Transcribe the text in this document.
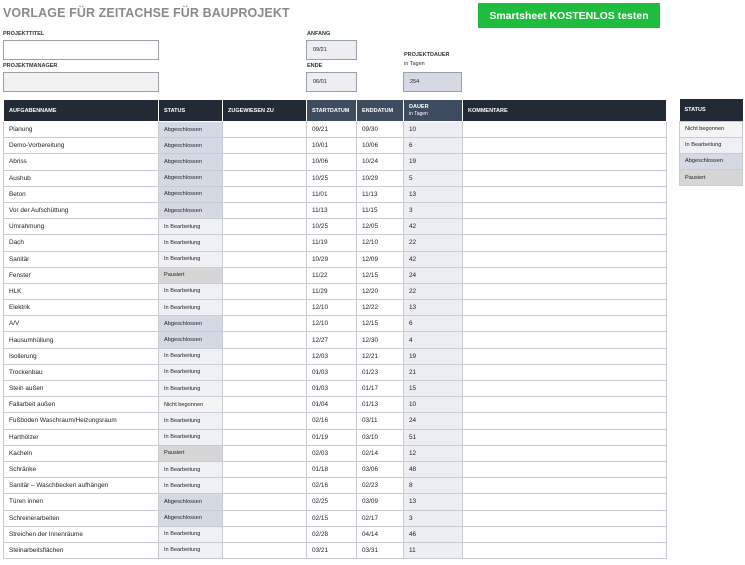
VORLAGE FÜR ZEITACHSE FÜR BAUPROJEKT	Smartsheet KOSTENLOS testen
PROJEKTTITEL
PROJEKTMANAGER
ANFANG
09/21
ENDE
06/01
PROJEKTDAUER
in Tagen
254
AUFGABENNAME	STATUS	ZUGEWIESEN ZU	STARTDATUM	ENDDATUM	DAUER
in Tagen	KOMMENTARE
Planung	Abgeschlossen		09/21	09/30	10	
Demo-Vorbereitung	Abgeschlossen		10/01	10/06	6	
Abriss	Abgeschlossen		10/06	10/24	19	
Aushub	Abgeschlossen		10/25	10/29	5	
Beton	Abgeschlossen		11/01	11/13	13	
Vor der Aufschüttung	Abgeschlossen		11/13	11/15	3	
Umrahmung	In Bearbeitung		10/25	12/05	42	
Dach	In Bearbeitung		11/19	12/10	22	
Sanitär	In Bearbeitung		10/29	12/09	42	
Fenster	Pausiert		11/22	12/15	24	
HLK	In Bearbeitung		11/29	12/20	22	
Elektrik	In Bearbeitung		12/10	12/22	13	
A/V	Abgeschlossen		12/10	12/15	6	
Hausumhüllung	Abgeschlossen		12/27	12/30	4	
Isolierung	In Bearbeitung		12/03	12/21	19	
Trockenbau	In Bearbeitung		01/03	01/23	21	
Stein außen	In Bearbeitung		01/03	01/17	15	
Fallarbeit außen	Nicht begonnen		01/04	01/13	10	
Fußboden Waschraum/Heizungsraum	In Bearbeitung		02/16	03/11	24	
Harthölzer	In Bearbeitung		01/19	03/10	51	
Kacheln	Pausiert		02/03	02/14	12	
Schränke	In Bearbeitung		01/18	03/06	48	
Sanitär – Waschbecken aufhängen	In Bearbeitung		02/16	02/23	8	
Türen innen	Abgeschlossen		02/25	03/09	13	
Schreinerarbeiten	Abgeschlossen		02/15	02/17	3	
Streichen der Innenräume	In Bearbeitung		02/28	04/14	46	
Steinarbeitsflächen	In Bearbeitung		03/21	03/31	11	
STATUS
Nicht begonnen
In Bearbeitung
Abgeschlossen
Pausiert
